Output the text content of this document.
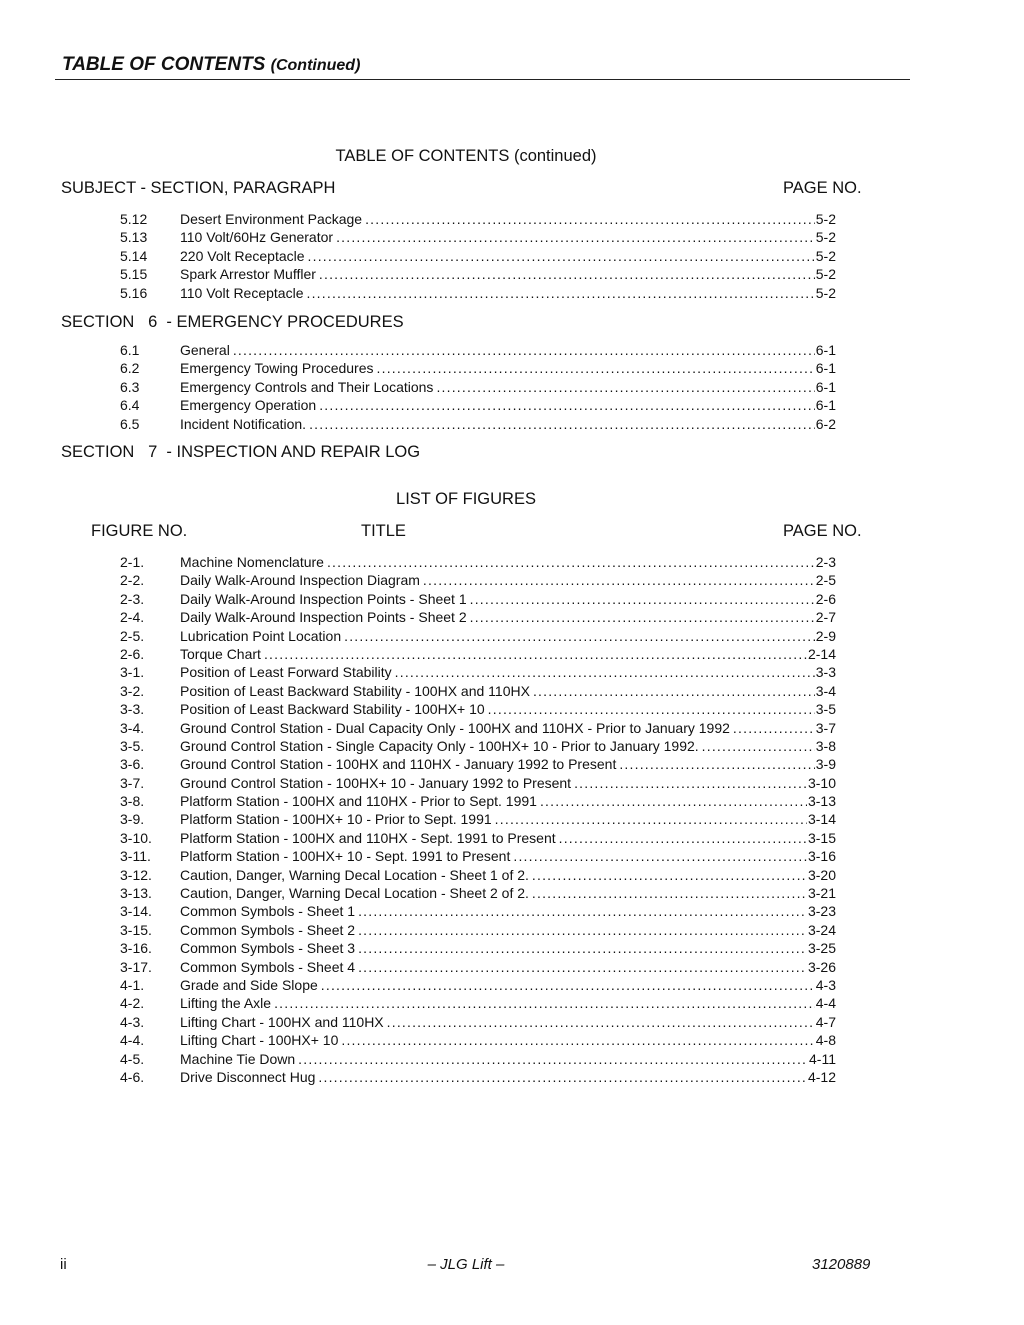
TABLE OF CONTENTS (Continued)
TABLE OF CONTENTS (continued)
SUBJECT - SECTION, PARAGRAPH	PAGE NO.
5.12	Desert Environment Package .....	5-2
5.13	110 Volt/60Hz Generator .....	5-2
5.14	220 Volt Receptacle .....	5-2
5.15	Spark Arrestor Muffler .....	5-2
5.16	110 Volt Receptacle .....	5-2
SECTION   6  - EMERGENCY PROCEDURES
6.1	General .....	6-1
6.2	Emergency Towing Procedures .....	6-1
6.3	Emergency Controls and Their Locations .....	6-1
6.4	Emergency Operation .....	6-1
6.5	Incident Notification. .....	6-2
SECTION   7  - INSPECTION AND REPAIR LOG
LIST OF FIGURES
FIGURE NO.	TITLE	PAGE NO.
2-1.	Machine Nomenclature .....	2-3
2-2.	Daily Walk-Around Inspection Diagram .....	2-5
2-3.	Daily Walk-Around Inspection Points - Sheet 1 .....	2-6
2-4.	Daily Walk-Around Inspection Points - Sheet 2 .....	2-7
2-5.	Lubrication Point Location .....	2-9
2-6.	Torque Chart .....	2-14
3-1.	Position of Least Forward Stability .....	3-3
3-2.	Position of Least Backward Stability - 100HX and 110HX .....	3-4
3-3.	Position of Least Backward Stability - 100HX+ 10 .....	3-5
3-4.	Ground Control Station - Dual Capacity Only - 100HX and 110HX - Prior to January 1992 .....	3-7
3-5.	Ground Control Station - Single Capacity Only - 100HX+ 10 - Prior to January 1992. .....	3-8
3-6.	Ground Control Station - 100HX and 110HX - January 1992 to Present .....	3-9
3-7.	Ground Control Station - 100HX+ 10 - January 1992 to Present .....	3-10
3-8.	Platform Station - 100HX and 110HX - Prior to Sept. 1991 .....	3-13
3-9.	Platform Station - 100HX+ 10 - Prior to Sept. 1991 .....	3-14
3-10.	Platform Station - 100HX and 110HX - Sept. 1991 to Present .....	3-15
3-11.	Platform Station - 100HX+ 10 - Sept. 1991 to Present .....	3-16
3-12.	Caution, Danger, Warning Decal Location - Sheet 1 of 2. .....	3-20
3-13.	Caution, Danger, Warning Decal Location - Sheet 2 of 2. .....	3-21
3-14.	Common Symbols - Sheet 1 .....	3-23
3-15.	Common Symbols - Sheet 2 .....	3-24
3-16.	Common Symbols - Sheet 3 .....	3-25
3-17.	Common Symbols - Sheet 4 .....	3-26
4-1.	Grade and Side Slope .....	4-3
4-2.	Lifting the Axle .....	4-4
4-3.	Lifting Chart - 100HX and 110HX .....	4-7
4-4.	Lifting Chart - 100HX+ 10 .....	4-8
4-5.	Machine Tie Down .....	4-11
4-6.	Drive Disconnect Hug .....	4-12
ii	– JLG Lift –	3120889
